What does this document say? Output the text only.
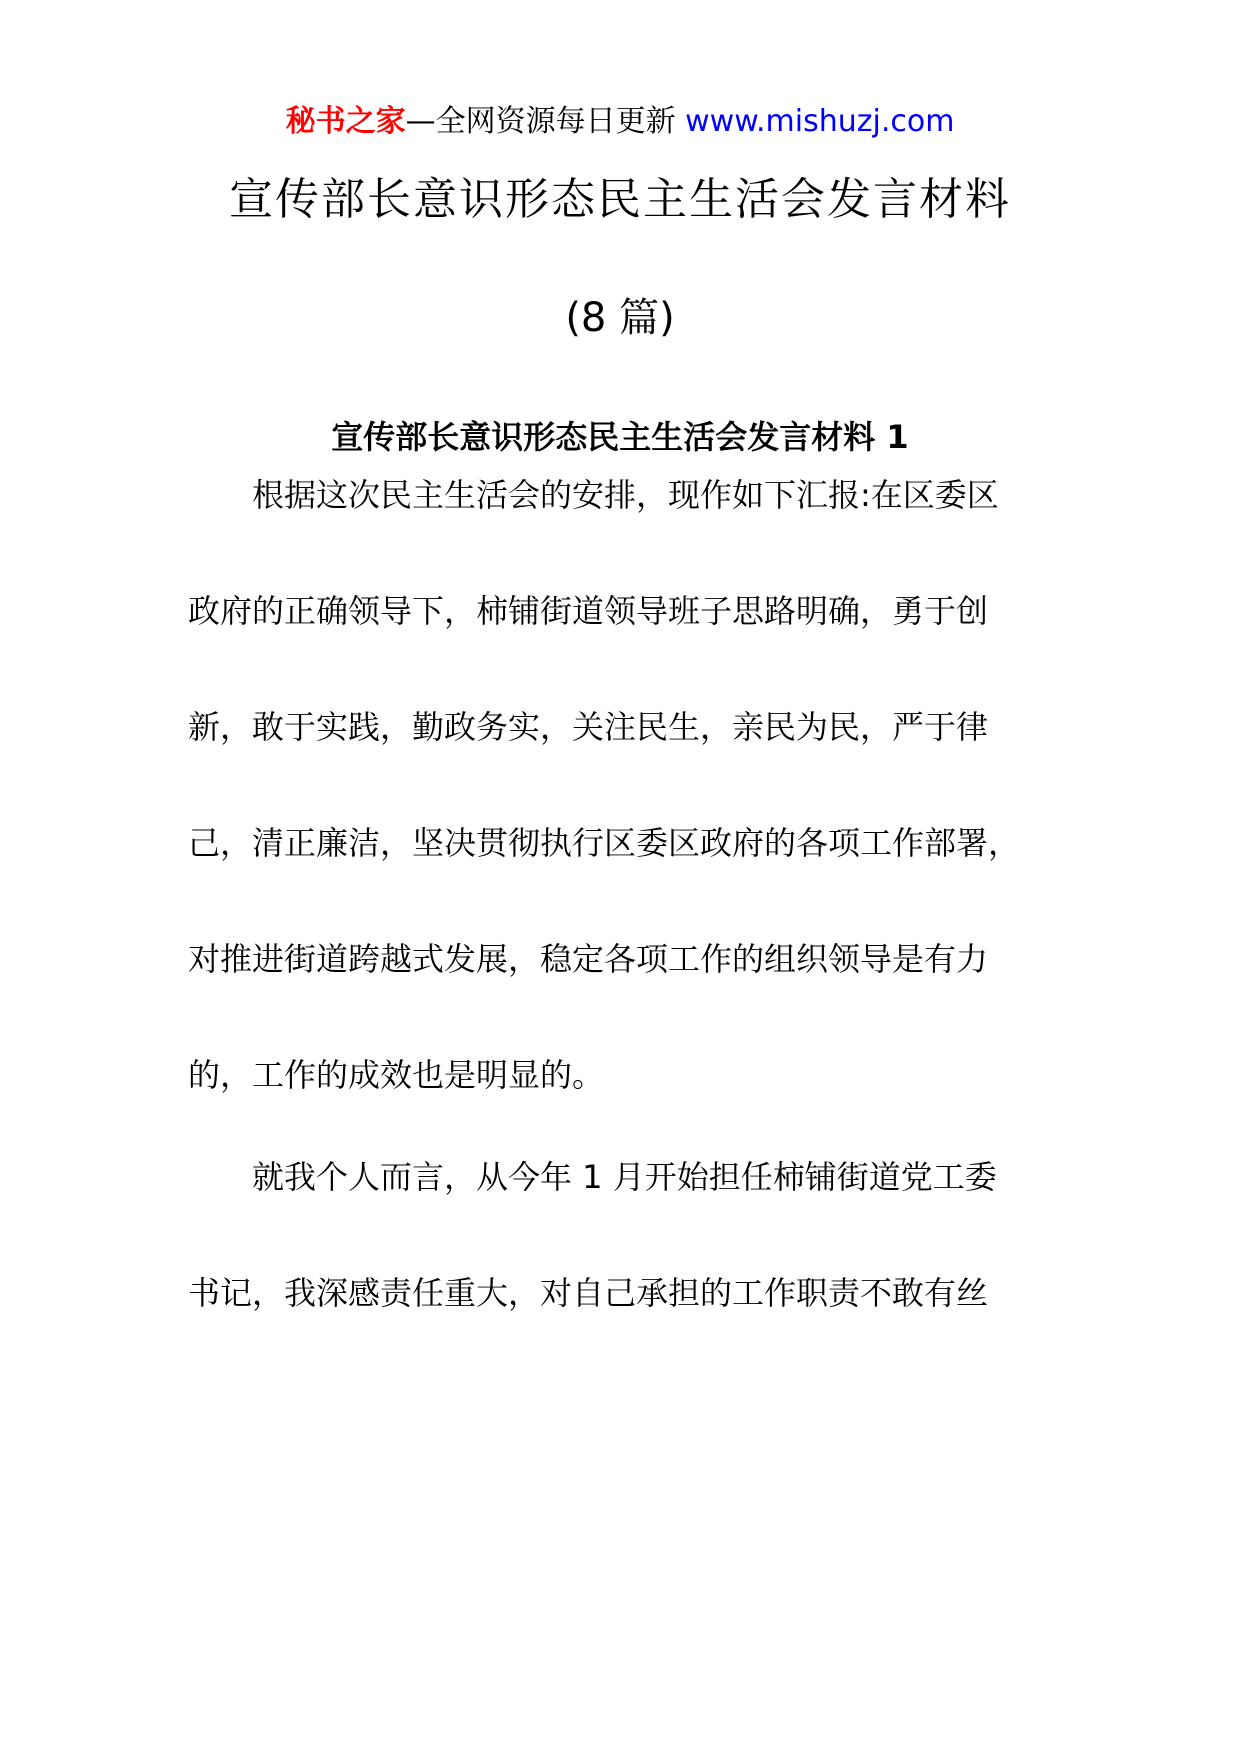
秘书之家—全网资源每日更新 www.mishuzj.com
宣传部长意识形态民主生活会发言材料
(8 篇)
宣传部长意识形态民主生活会发言材料 1
　　根据这次民主生活会的安排，现作如下汇报:在区委区
政府的正确领导下，柿铺街道领导班子思路明确，勇于创
新，敢于实践，勤政务实，关注民生，亲民为民，严于律
己，清正廉洁，坚决贯彻执行区委区政府的各项工作部署，
对推进街道跨越式发展，稳定各项工作的组织领导是有力
的，工作的成效也是明显的。
　　就我个人而言，从今年 1 月开始担任柿铺街道党工委
书记，我深感责任重大，对自己承担的工作职责不敢有丝
